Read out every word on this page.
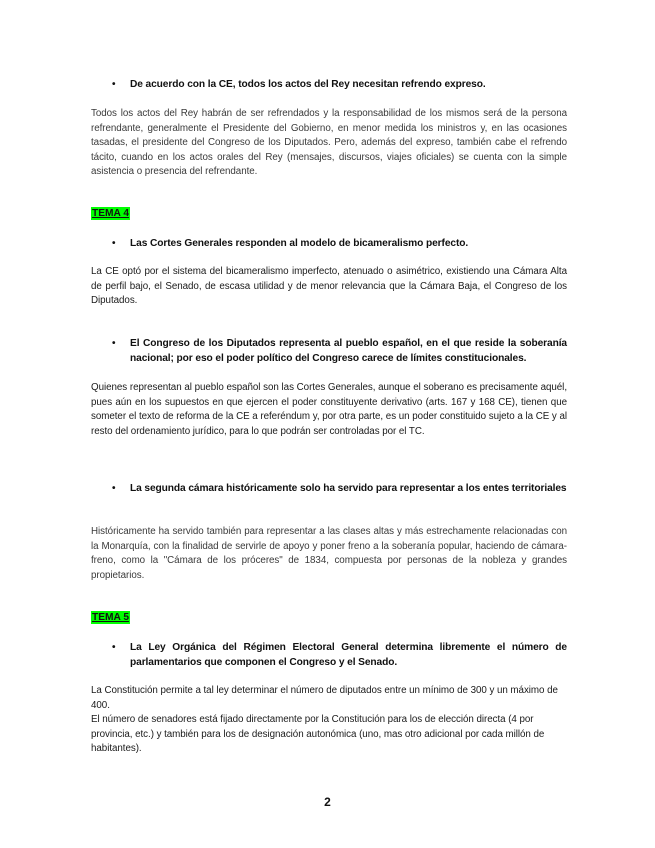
•	De acuerdo con la CE, todos los actos del Rey necesitan refrendo expreso.
Todos los actos del Rey habrán de ser refrendados y la responsabilidad de los mismos será de la persona refrendante, generalmente el Presidente del Gobierno, en menor medida los ministros y, en las ocasiones tasadas, el presidente del Congreso de los Diputados. Pero, además del expreso, también cabe el refrendo tácito, cuando en los actos orales del Rey (mensajes, discursos, viajes oficiales) se cuenta con la simple asistencia o presencia del refrendante.
TEMA 4
•	Las Cortes Generales responden al modelo de bicameralismo perfecto.
La CE optó por el sistema del bicameralismo imperfecto, atenuado o asimétrico, existiendo una Cámara Alta de perfil bajo, el Senado, de escasa utilidad y de menor relevancia que la Cámara Baja, el Congreso de los Diputados.
•	El Congreso de los Diputados representa al pueblo español, en el que reside la soberanía nacional; por eso el poder político del Congreso carece de límites constitucionales.
Quienes representan al pueblo español son las Cortes Generales, aunque el soberano es precisamente aquél, pues aún en los supuestos en que ejercen el poder constituyente derivativo (arts. 167 y 168 CE), tienen que someter el texto de reforma de la CE a referéndum y, por otra parte, es un poder constituido sujeto a la CE y al resto del ordenamiento jurídico, para lo que podrán ser controladas por el TC.
•	La segunda cámara históricamente solo ha servido para representar a los entes territoriales
Históricamente ha servido también para representar a las clases altas y más estrechamente relacionadas con la Monarquía, con la finalidad de servirle de apoyo y poner freno a la soberanía popular, haciendo de cámara-freno, como la "Cámara de los próceres" de 1834, compuesta por personas de la nobleza y grandes propietarios.
TEMA 5
•	La Ley Orgánica del Régimen Electoral General determina libremente el número de parlamentarios que componen el Congreso y el Senado.
La Constitución permite a tal ley determinar el número de diputados entre un mínimo de 300 y un máximo de 400.
El número de senadores está fijado directamente por la Constitución para los de elección directa (4 por provincia, etc.) y también para los de designación autonómica (uno, mas otro adicional por cada millón de habitantes).
2
